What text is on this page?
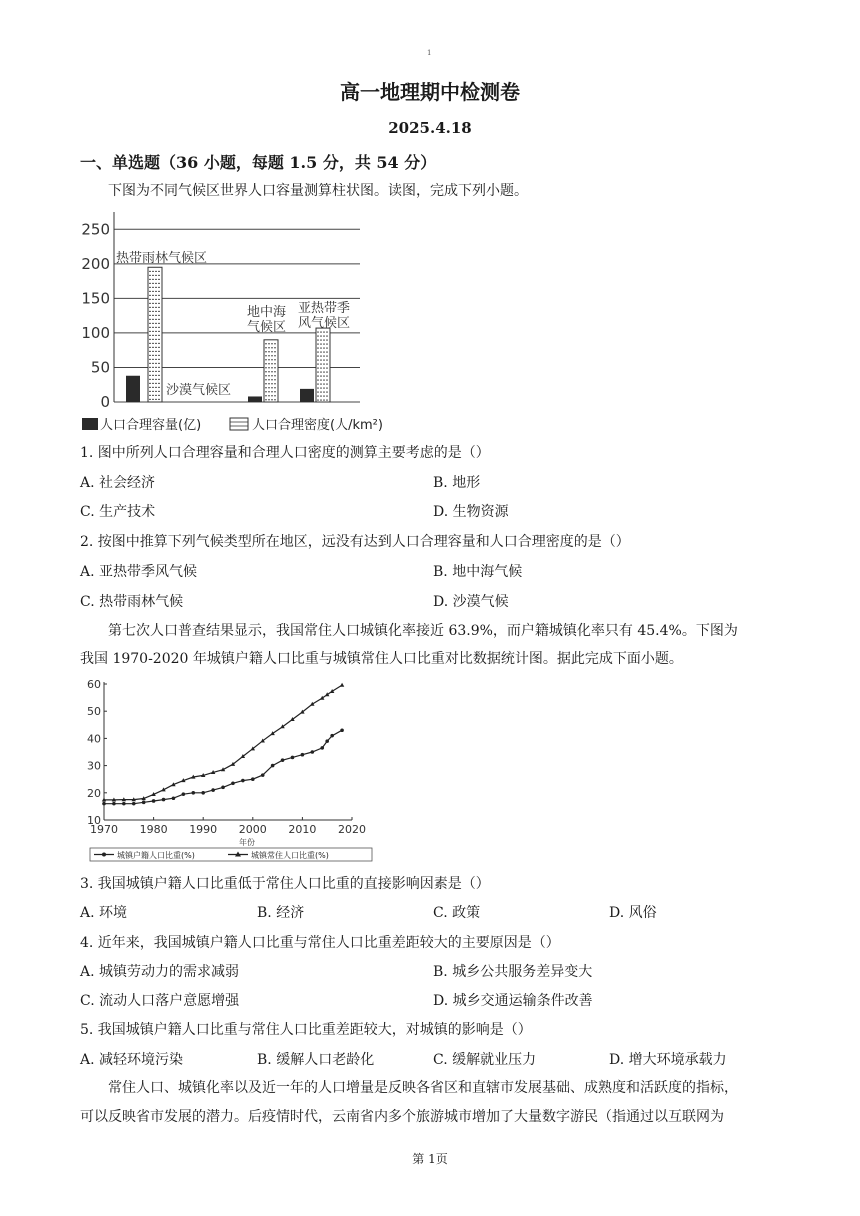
1
高一地理期中检测卷
2025.4.18
一、单选题（36 小题，每题 1.5 分，共 54 分）
下图为不同气候区世界人口容量测算柱状图。读图，完成下列小题。
250
200
150
100
50
0
热带雨林气候区
沙漠气候区
地中海
气候区
亚热带季
风气候区
人口合理容量(亿)	人口合理密度(人/km²)
1. 图中所列人口合理容量和合理人口密度的测算主要考虑的是（）
A. 社会经济	B. 地形
C. 生产技术	D. 生物资源
2. 按图中推算下列气候类型所在地区，远没有达到人口合理容量和人口合理密度的是（）
A. 亚热带季风气候	B. 地中海气候
C. 热带雨林气候	D. 沙漠气候
第七次人口普查结果显示，我国常住人口城镇化率接近 63.9%，而户籍城镇化率只有 45.4%。下图为
我国 1970-2020 年城镇户籍人口比重与城镇常住人口比重对比数据统计图。据此完成下面小题。
60
50
40
30
20
10
1970 1980 1990 2000 2010 2020
年份
城镇户籍人口比重(%)	城镇常住人口比重(%)
3. 我国城镇户籍人口比重低于常住人口比重的直接影响因素是（）
A. 环境	B. 经济	C. 政策	D. 风俗
4. 近年来，我国城镇户籍人口比重与常住人口比重差距较大的主要原因是（）
A. 城镇劳动力的需求减弱	B. 城乡公共服务差异变大
C. 流动人口落户意愿增强	D. 城乡交通运输条件改善
5. 我国城镇户籍人口比重与常住人口比重差距较大，对城镇的影响是（）
A. 减轻环境污染	B. 缓解人口老龄化	C. 缓解就业压力	D. 增大环境承载力
常住人口、城镇化率以及近一年的人口增量是反映各省区和直辖市发展基础、成熟度和活跃度的指标，
可以反映省市发展的潜力。后疫情时代，云南省内多个旅游城市增加了大量数字游民（指通过以互联网为
第 1页
